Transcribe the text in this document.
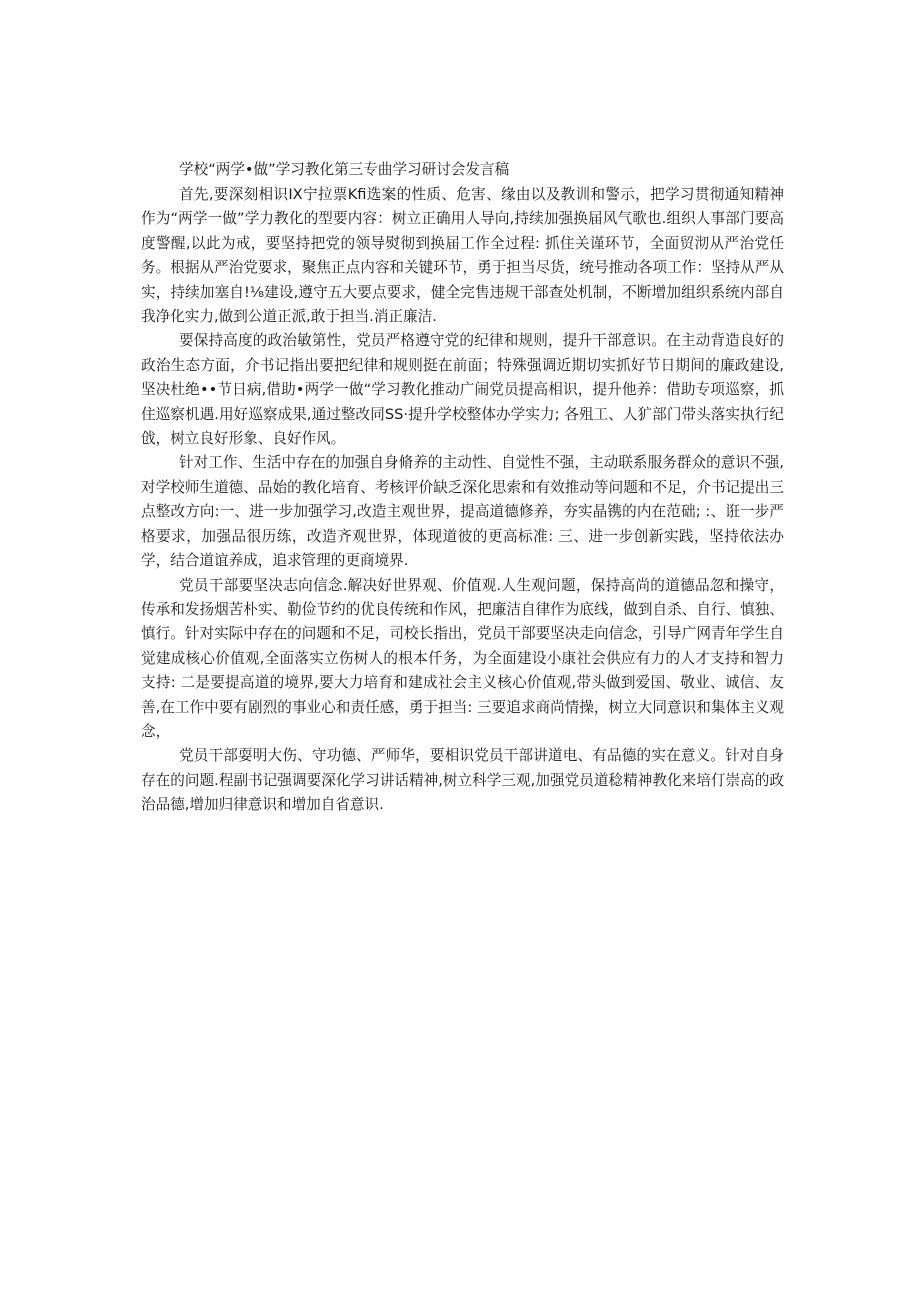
学校“两学•做”学习教化第三专曲学习研讨会发言稿

首先,要深刻相识IX宁拉票Kfi选案的性质、危害、缘由以及教训和警示，把学习贯彻通知精神作为“两学一做”学力教化的型要内容：树立正确用人导向,持续加强换届风气歌也.组织人事部门要高度警醒,以此为戒，要坚持把党的领导熨彻到换届工作全过程: 抓住关谨环节，全面贸沏从严治党任务。根据从严治党要求，聚焦正点内容和关键环节，勇于担当尽货，统号推动各项工作：坚持从严从实，持续加塞自!⅛建设,遵守五大要点要求，健全完售违规干部查处机制，不断增加组织系统内部自我净化实力,做到公道正派,敢于担当.消正廉洁.

要保持高度的政治敏第性，党员严格遵守党的纪律和规则，提升干部意识。在主动背造良好的政治生态方面，介书记指出要把纪律和规则挺在前面；特殊强调近期切实抓好节日期间的廉政建设,坚决杜绝••节日病,借助•两学一做“学习教化推动广闹党员提高相识，提升他养：借助专项巡察，抓住巡察机遇.用好巡察成果,通过整改同SS·提升学校整体办学实力; 各殂工、人犷部门带头落实执行纪戗，树立良好形象、良好作风。

针对工作、生活中存在的加强自身脩养的主动性、自觉性不强，主动联系服务群众的意识不强,对学校师生道德、品始的教化培育、考核评价缺乏深化思索和有效推动等问题和不足，介书记提出三点整改方向:一、进一步加强学习,改造主观世界，提高道德修养，夯实晶镌的内在范础; :、诳一步严格要求，加强品很历练，改造齐观世界，体现道彼的更高标准: 三、进一步创新实践，坚持依法办学，结合道谊养成，追求管理的更商境界.

党员干部要坚决志向信念.解决好世界观、价值观.人生观问题，保持高尚的道德品忽和操守，传承和发扬烟苦朴实、勒俭节约的优良传统和作风，把廉洁自律作为底线，做到自杀、自行、慎独、慎行。针对实际中存在的问题和不足，司校长指出，党员干部要坚决走向信念，引导广网青年学生自觉建成核心价值观,全面落实立伤树人的根本仟务，为全面建设小康社会供应有力的人才支持和智力支持: 二是要提高道的境界,要大力培育和建成社会主义核心价值观,带头做到爱国、敬业、诚信、友善,在工作中要有剧烈的事业心和责任感，勇于担当: 三要追求商尚情操，树立大同意识和集体主义观念，

党员干部耍明大伤、守功德、严师华，要相识党员干部讲道电、有品德的实在意义。针对自身存在的问题.程副书记强调要深化学习讲话精神,树立科学三观,加强党员道稔精神教化来培仃崇高的政治品德,增加归律意识和增加自省意识.
